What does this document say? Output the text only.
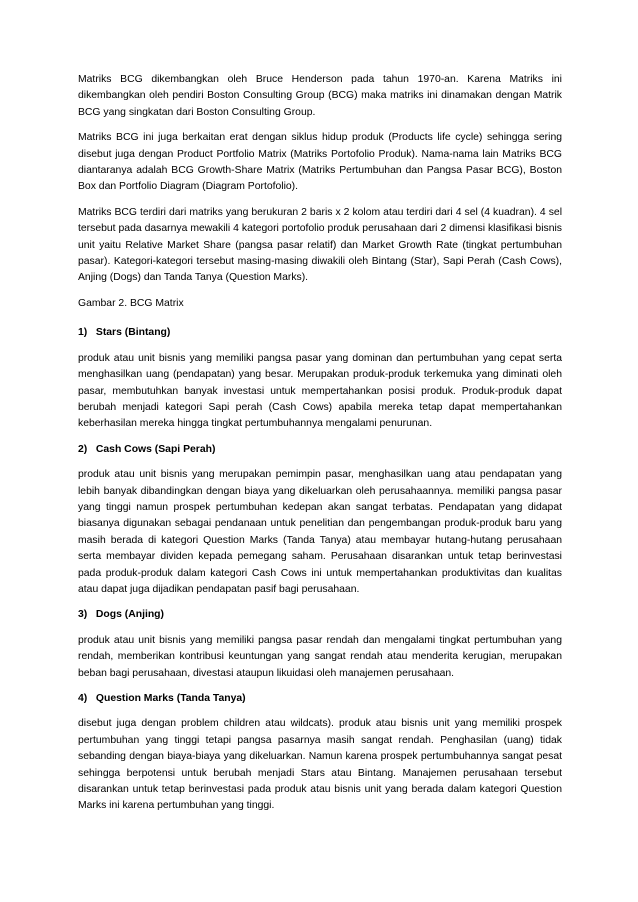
Matriks BCG dikembangkan oleh Bruce Henderson pada tahun 1970-an. Karena Matriks ini dikembangkan oleh pendiri Boston Consulting Group (BCG) maka matriks ini dinamakan dengan Matrik BCG yang singkatan dari Boston Consulting Group.

Matriks BCG ini juga berkaitan erat dengan siklus hidup produk (Products life cycle) sehingga sering disebut juga dengan Product Portfolio Matrix (Matriks Portofolio Produk). Nama-nama lain Matriks BCG diantaranya adalah BCG Growth-Share Matrix (Matriks Pertumbuhan dan Pangsa Pasar BCG), Boston Box dan Portfolio Diagram (Diagram Portofolio).

Matriks BCG terdiri dari matriks yang berukuran 2 baris x 2 kolom atau terdiri dari 4 sel (4 kuadran). 4 sel tersebut pada dasarnya mewakili 4 kategori portofolio produk perusahaan dari 2 dimensi klasifikasi bisnis unit yaitu Relative Market Share (pangsa pasar relatif) dan Market Growth Rate (tingkat pertumbuhan pasar). Kategori-kategori tersebut masing-masing diwakili oleh Bintang (Star), Sapi Perah (Cash Cows), Anjing (Dogs) dan Tanda Tanya (Question Marks).

Gambar 2. BCG Matrix

1) Stars (Bintang)

produk atau unit bisnis yang memiliki pangsa pasar yang dominan dan pertumbuhan yang cepat serta menghasilkan uang (pendapatan) yang besar. Merupakan produk-produk terkemuka yang diminati oleh pasar, membutuhkan banyak investasi untuk mempertahankan posisi produk. Produk-produk dapat berubah menjadi kategori Sapi perah (Cash Cows) apabila mereka tetap dapat mempertahankan keberhasilan mereka hingga tingkat pertumbuhannya mengalami penurunan.

2) Cash Cows (Sapi Perah)

produk atau unit bisnis yang merupakan pemimpin pasar, menghasilkan uang atau pendapatan yang lebih banyak dibandingkan dengan biaya yang dikeluarkan oleh perusahaannya. memiliki pangsa pasar yang tinggi namun prospek pertumbuhan kedepan akan sangat terbatas. Pendapatan yang didapat biasanya digunakan sebagai pendanaan untuk penelitian dan pengembangan produk-produk baru yang masih berada di kategori Question Marks (Tanda Tanya) atau membayar hutang-hutang perusahaan serta membayar dividen kepada pemegang saham. Perusahaan disarankan untuk tetap berinvestasi pada produk-produk dalam kategori Cash Cows ini untuk mempertahankan produktivitas dan kualitas atau dapat juga dijadikan pendapatan pasif bagi perusahaan.

3) Dogs (Anjing)

produk atau unit bisnis yang memiliki pangsa pasar rendah dan mengalami tingkat pertumbuhan yang rendah, memberikan kontribusi keuntungan yang sangat rendah atau menderita kerugian, merupakan beban bagi perusahaan, divestasi ataupun likuidasi oleh manajemen perusahaan.

4) Question Marks (Tanda Tanya)

disebut juga dengan problem children atau wildcats). produk atau bisnis unit yang memiliki prospek pertumbuhan yang tinggi tetapi pangsa pasarnya masih sangat rendah. Penghasilan (uang) tidak sebanding dengan biaya-biaya yang dikeluarkan. Namun karena prospek pertumbuhannya sangat pesat sehingga berpotensi untuk berubah menjadi Stars atau Bintang. Manajemen perusahaan tersebut disarankan untuk tetap berinvestasi pada produk atau bisnis unit yang berada dalam kategori Question Marks ini karena pertumbuhan yang tinggi.
